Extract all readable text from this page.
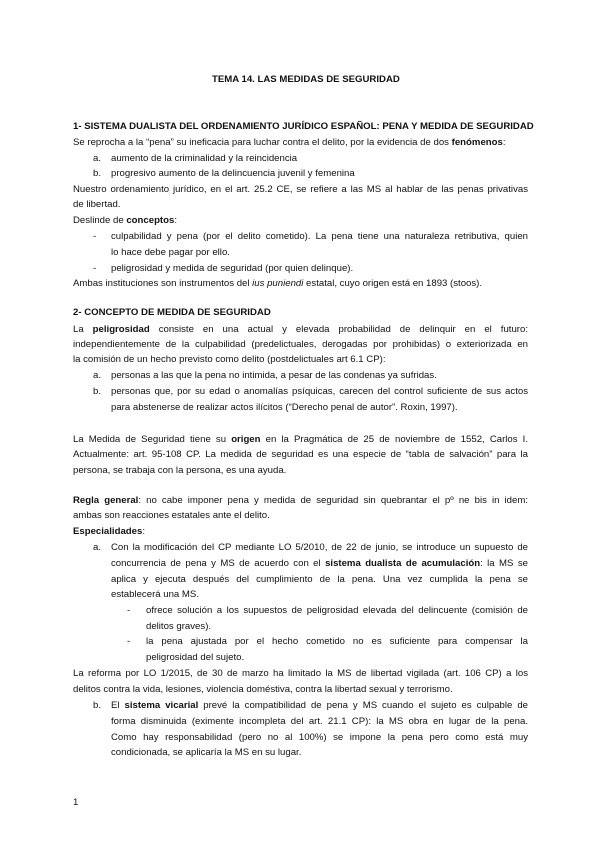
TEMA 14. LAS MEDIDAS DE SEGURIDAD
1- SISTEMA DUALISTA DEL ORDENAMIENTO JURÍDICO ESPAÑOL: PENA Y MEDIDA DE SEGURIDAD
Se reprocha a la “pena” su ineficacia para luchar contra el delito, por la evidencia de dos fenómenos:
a. aumento de la criminalidad y la reincidencia
b. progresivo aumento de la delincuencia juvenil y femenina
Nuestro ordenamiento jurídico, en el art. 25.2 CE, se refiere a las MS al hablar de las penas privativas
de libertad.
Deslinde de conceptos:
- culpabilidad y pena (por el delito cometido). La pena tiene una naturaleza retributiva, quien
lo hace debe pagar por ello.
- peligrosidad y medida de seguridad (por quien delinque).
Ambas instituciones son instrumentos del ius puniendi estatal, cuyo origen está en 1893 (stoos).
2- CONCEPTO DE MEDIDA DE SEGURIDAD
La peligrosidad consiste en una actual y elevada probabilidad de delinquir en el futuro:
independientemente de la culpabilidad (predelictuales, derogadas por prohibidas) o exteriorizada en
la comisión de un hecho previsto como delito (postdelictuales art 6.1 CP):
a. personas a las que la pena no intimida, a pesar de las condenas ya sufridas.
b. personas que, por su edad o anomalías psíquicas, carecen del control suficiente de sus actos
para abstenerse de realizar actos ilícitos (“Derecho penal de autor”. Roxin, 1997).
La Medida de Seguridad tiene su origen en la Pragmática de 25 de noviembre de 1552, Carlos I.
Actualmente: art. 95-108 CP. La medida de seguridad es una especie de “tabla de salvación” para la
persona, se trabaja con la persona, es una ayuda.
Regla general: no cabe imponer pena y medida de seguridad sin quebrantar el pº ne bis in idem:
ambas son reacciones estatales ante el delito.
Especialidades:
a. Con la modificación del CP mediante LO 5/2010, de 22 de junio, se introduce un supuesto de
concurrencia de pena y MS de acuerdo con el sistema dualista de acumulación: la MS se
aplica y ejecuta después del cumplimiento de la pena. Una vez cumplida la pena se
establecerá una MS.
- ofrece solución a los supuestos de peligrosidad elevada del delincuente (comisión de
delitos graves).
- la pena ajustada por el hecho cometido no es suficiente para compensar la
peligrosidad del sujeto.
La reforma por LO 1/2015, de 30 de marzo ha limitado la MS de libertad vigilada (art. 106 CP) a los
delitos contra la vida, lesiones, violencia doméstiva, contra la libertad sexual y terrorismo.
b. El sistema vicarial prevé la compatibilidad de pena y MS cuando el sujeto es culpable de
forma disminuida (eximente incompleta del art. 21.1 CP): la MS obra en lugar de la pena.
Como hay responsabilidad (pero no al 100%) se impone la pena pero como está muy
condicionada, se aplicaría la MS en su lugar.
1
